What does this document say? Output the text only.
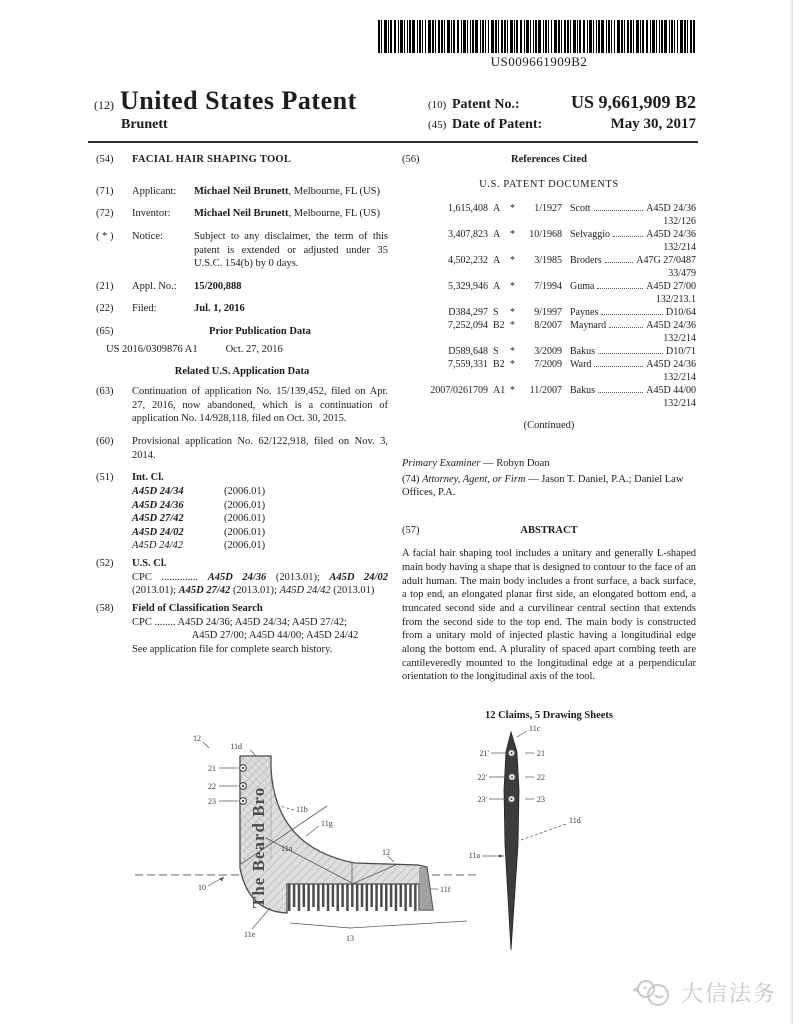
US009661909B2
(12) United States Patent
Brunett
(10) Patent No.:	US 9,661,909 B2
(45) Date of Patent:	May 30, 2017
(54)	FACIAL HAIR SHAPING TOOL
(71)	Applicant:	Michael Neil Brunett, Melbourne, FL (US)
(72)	Inventor:	Michael Neil Brunett, Melbourne, FL (US)
( * )	Notice:	Subject to any disclaimer, the term of this patent is extended or adjusted under 35 U.S.C. 154(b) by 0 days.
(21)	Appl. No.:	15/200,888
(22)	Filed:	Jul. 1, 2016
(65)	Prior Publication Data
US 2016/0309876 A1	Oct. 27, 2016
Related U.S. Application Data
(63)	Continuation of application No. 15/139,452, filed on Apr. 27, 2016, now abandoned, which is a continuation of application No. 14/928,118, filed on Oct. 30, 2015.
(60)	Provisional application No. 62/122,918, filed on Nov. 3, 2014.
(51)	Int. Cl.
A45D 24/34	(2006.01)
A45D 24/36	(2006.01)
A45D 27/42	(2006.01)
A45D 24/02	(2006.01)
A45D 24/42	(2006.01)
(52)	U.S. Cl.
CPC .............. A45D 24/36 (2013.01); A45D 24/02 (2013.01); A45D 27/42 (2013.01); A45D 24/42 (2013.01)
(58)	Field of Classification Search
CPC ........ A45D 24/36; A45D 24/34; A45D 27/42;
A45D 27/00; A45D 44/00; A45D 24/42
See application file for complete search history.
(56)	References Cited
U.S. PATENT DOCUMENTS
1,615,408 A *	1/1927 Scott	A45D 24/36
132/126
3,407,823 A *	10/1968 Selvaggio	A45D 24/36
132/214
4,502,232 A *	3/1985 Broders	A47G 27/0487
33/479
5,329,946 A *	7/1994 Guma	A45D 27/00
132/213.1
D384,297 S	*	9/1997 Paynes	D10/64
7,252,094 B2 *	8/2007 Maynard	A45D 24/36
132/214
D589,648 S	*	3/2009 Bakus	D10/71
7,559,331 B2 *	7/2009 Ward	A45D 24/36
132/214
2007/0261709 A1 *	11/2007 Bakus	A45D 44/00
132/214
(Continued)
Primary Examiner — Robyn Doan
(74) Attorney, Agent, or Firm — Jason T. Daniel, P.A.; Daniel Law Offices, P.A.
(57)	ABSTRACT
A facial hair shaping tool includes a unitary and generally L-shaped main body having a shape that is designed to contour to the face of an adult human. The main body includes a front surface, a back surface, a top end, an elongated planar first side, an elongated bottom end, a truncated second side and a curvilinear central section that extends from the second side to the top end. The main body is constructed from a unitary mold of injected plastic having a longitudinal edge along the bottom end. A plurality of spaced apart combing teeth are cantileveredly mounted to the longitudinal edge at a perpendicular orientation to the longitudinal axis of the tool.
12 Claims, 5 Drawing Sheets
The Beard Bro
12
11d
21
22
23
11b
11g
11a	12
10	11f
11e	13
11c
21'	21
22'	22
23'	23
11d
11a
大信法务
